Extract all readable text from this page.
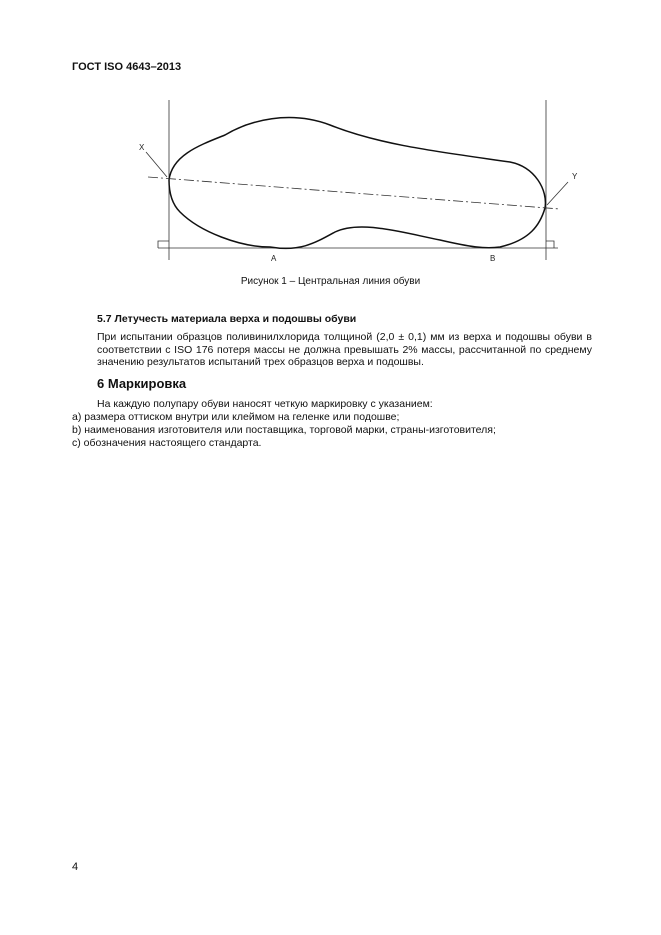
ГОСТ ISO 4643–2013
X
Y
A	B
Рисунок 1 – Центральная линия обуви
5.7 Летучесть материала верха и подошвы обуви
При испытании образцов поливинилхлорида толщиной (2,0 ± 0,1) мм из верха и подошвы обуви в соответствии с ISO 176 потеря массы не должна превышать 2% массы, рассчитанной по среднему значению результатов испытаний трех образцов верха и подошвы.
6 Маркировка
На каждую полупару обуви наносят четкую маркировку с указанием:
а) размера оттиском внутри или клеймом на геленке или подошве;
b) наименования изготовителя или поставщика, торговой марки, страны-изготовителя;
с) обозначения настоящего стандарта.
4
